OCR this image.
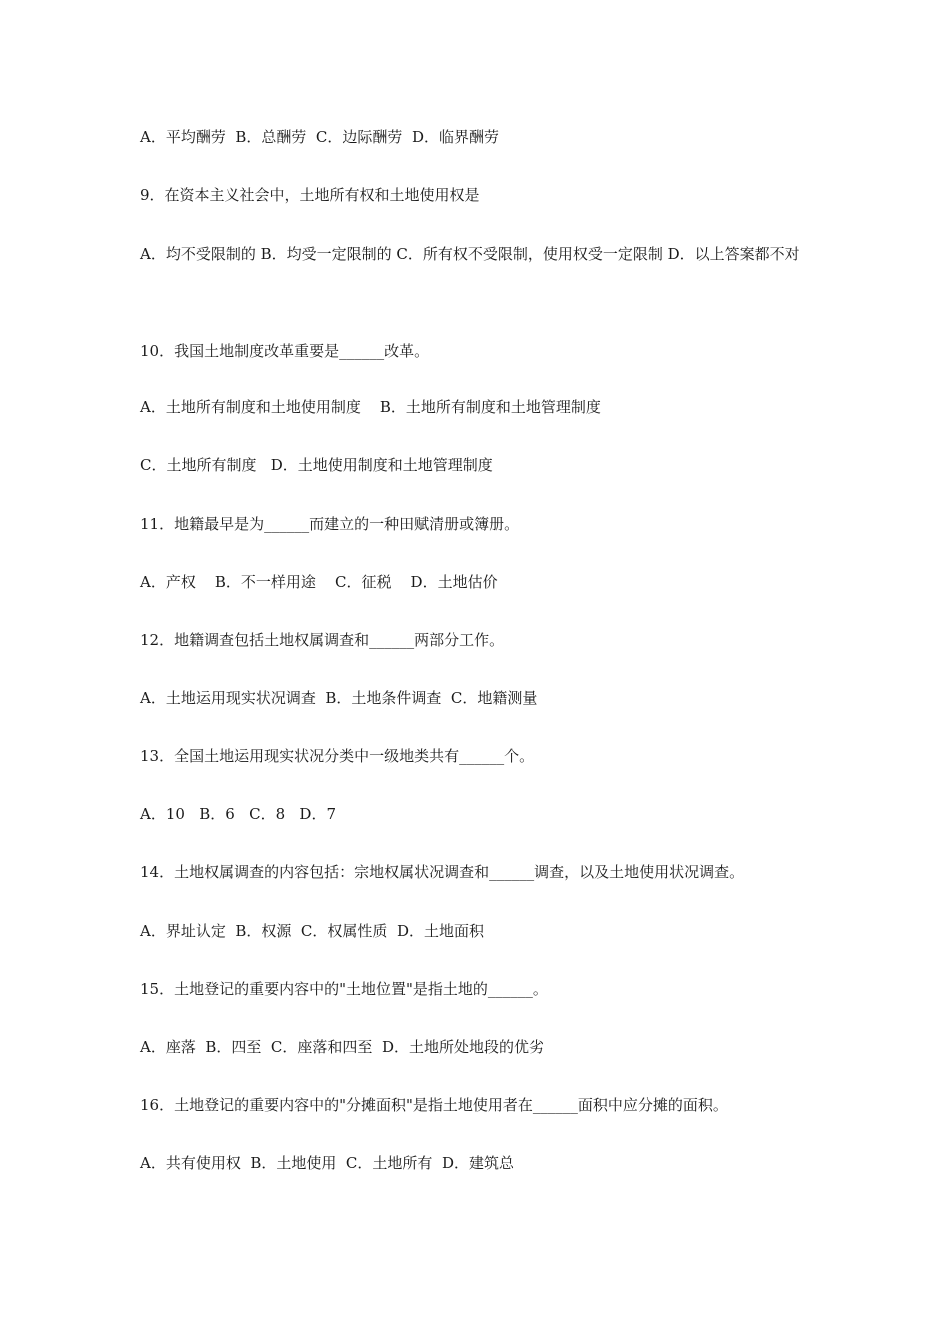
A．平均酬劳  B．总酬劳  C．边际酬劳  D．临界酬劳

9．在资本主义社会中，土地所有权和土地使用权是

A．均不受限制的 B．均受一定限制的 C．所有权不受限制，使用权受一定限制 D．以上答案都不对

10．我国土地制度改革重要是______改革。

A．土地所有制度和土地使用制度    B．土地所有制度和土地管理制度

C．土地所有制度   D．土地使用制度和土地管理制度

11．地籍最早是为______而建立的一种田赋清册或簿册。

A．产权    B．不一样用途    C．征税    D．土地估价

12．地籍调查包括土地权属调查和______两部分工作。

A．土地运用现实状况调查  B．土地条件调查  C．地籍测量

13．全国土地运用现实状况分类中一级地类共有______个。

A．10   B．6   C．8   D．7

14．土地权属调查的内容包括：宗地权属状况调查和______调查，以及土地使用状况调查。

A．界址认定  B．权源  C．权属性质  D．土地面积

15．土地登记的重要内容中的"土地位置"是指土地的______。

A．座落  B．四至  C．座落和四至  D．土地所处地段的优劣

16．土地登记的重要内容中的"分摊面积"是指土地使用者在______面积中应分摊的面积。

A．共有使用权  B．土地使用  C．土地所有  D．建筑总
